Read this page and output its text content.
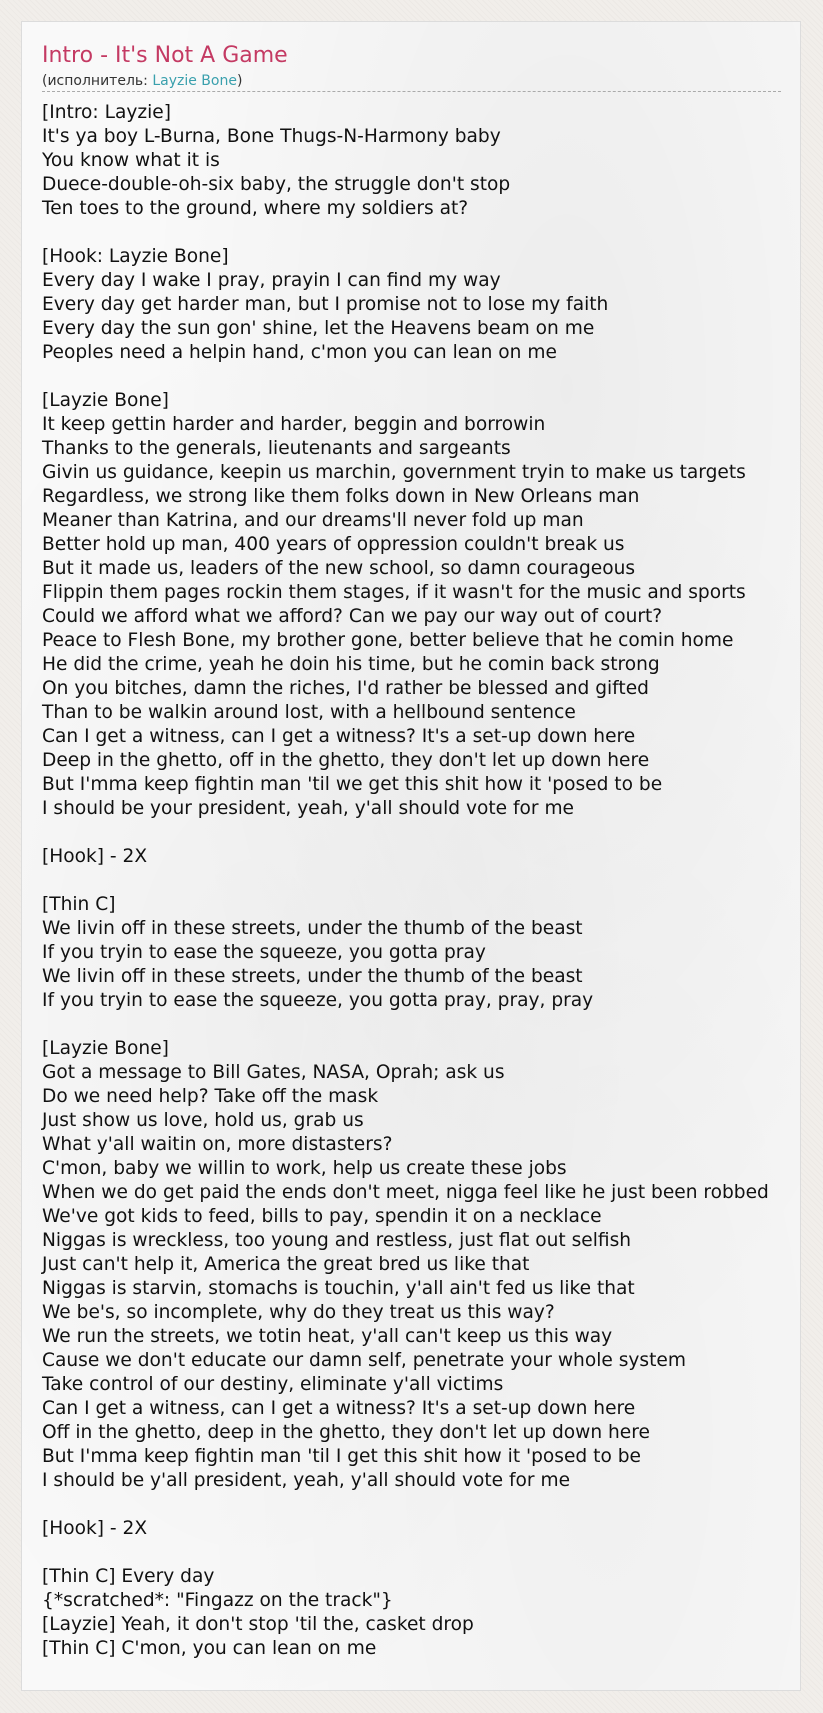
Intro - It's Not A Game
(исполнитель: Layzie Bone)
[Intro: Layzie]
It's ya boy L-Burna, Bone Thugs-N-Harmony baby
You know what it is
Duece-double-oh-six baby, the struggle don't stop
Ten toes to the ground, where my soldiers at?

[Hook: Layzie Bone]
Every day I wake I pray, prayin I can find my way
Every day get harder man, but I promise not to lose my faith
Every day the sun gon' shine, let the Heavens beam on me
Peoples need a helpin hand, c'mon you can lean on me

[Layzie Bone]
It keep gettin harder and harder, beggin and borrowin
Thanks to the generals, lieutenants and sargeants
Givin us guidance, keepin us marchin, government tryin to make us targets
Regardless, we strong like them folks down in New Orleans man
Meaner than Katrina, and our dreams'll never fold up man
Better hold up man, 400 years of oppression couldn't break us
But it made us, leaders of the new school, so damn courageous
Flippin them pages rockin them stages, if it wasn't for the music and sports
Could we afford what we afford? Can we pay our way out of court?
Peace to Flesh Bone, my brother gone, better believe that he comin home
He did the crime, yeah he doin his time, but he comin back strong
On you bitches, damn the riches, I'd rather be blessed and gifted
Than to be walkin around lost, with a hellbound sentence
Can I get a witness, can I get a witness? It's a set-up down here
Deep in the ghetto, off in the ghetto, they don't let up down here
But I'mma keep fightin man 'til we get this shit how it 'posed to be
I should be your president, yeah, y'all should vote for me

[Hook] - 2X

[Thin C]
We livin off in these streets, under the thumb of the beast
If you tryin to ease the squeeze, you gotta pray
We livin off in these streets, under the thumb of the beast
If you tryin to ease the squeeze, you gotta pray, pray, pray

[Layzie Bone]
Got a message to Bill Gates, NASA, Oprah; ask us
Do we need help? Take off the mask
Just show us love, hold us, grab us
What y'all waitin on, more distasters?
C'mon, baby we willin to work, help us create these jobs
When we do get paid the ends don't meet, nigga feel like he just been robbed
We've got kids to feed, bills to pay, spendin it on a necklace
Niggas is wreckless, too young and restless, just flat out selfish
Just can't help it, America the great bred us like that
Niggas is starvin, stomachs is touchin, y'all ain't fed us like that
We be's, so incomplete, why do they treat us this way?
We run the streets, we totin heat, y'all can't keep us this way
Cause we don't educate our damn self, penetrate your whole system
Take control of our destiny, eliminate y'all victims
Can I get a witness, can I get a witness? It's a set-up down here
Off in the ghetto, deep in the ghetto, they don't let up down here
But I'mma keep fightin man 'til I get this shit how it 'posed to be
I should be y'all president, yeah, y'all should vote for me

[Hook] - 2X

[Thin C] Every day
{*scratched*: "Fingazz on the track"}
[Layzie] Yeah, it don't stop 'til the, casket drop
[Thin C] C'mon, you can lean on me
